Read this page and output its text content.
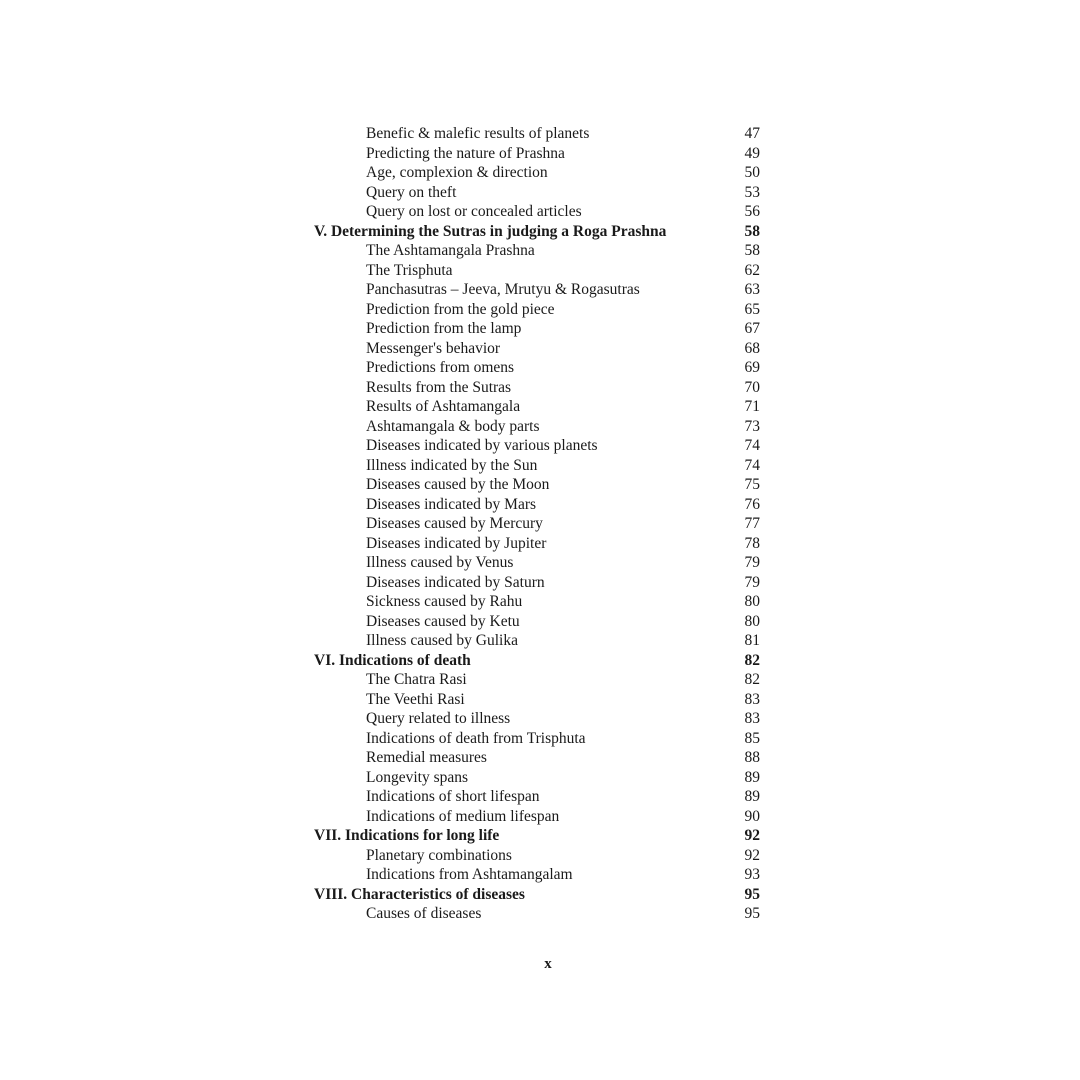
Benefic & malefic results of planets	47
Predicting the nature of Prashna	49
Age, complexion & direction	50
Query on theft	53
Query on lost or concealed articles	56
V. Determining the Sutras in judging a Roga Prashna	58
The Ashtamangala Prashna	58
The Trisphuta	62
Panchasutras – Jeeva, Mrutyu & Rogasutras	63
Prediction from the gold piece	65
Prediction from the lamp	67
Messenger's behavior	68
Predictions from omens	69
Results from the Sutras	70
Results of Ashtamangala	71
Ashtamangala & body parts	73
Diseases indicated by various planets	74
Illness indicated by the Sun	74
Diseases caused by the Moon	75
Diseases indicated by Mars	76
Diseases caused by Mercury	77
Diseases indicated by Jupiter	78
Illness caused by Venus	79
Diseases indicated by Saturn	79
Sickness caused by Rahu	80
Diseases caused by Ketu	80
Illness caused by Gulika	81
VI. Indications of death	82
The Chatra Rasi	82
The Veethi Rasi	83
Query related to illness	83
Indications of death from Trisphuta	85
Remedial measures	88
Longevity spans	89
Indications of short lifespan	89
Indications of medium lifespan	90
VII. Indications for long life	92
Planetary combinations	92
Indications from Ashtamangalam	93
VIII. Characteristics of diseases	95
Causes of diseases	95
x
